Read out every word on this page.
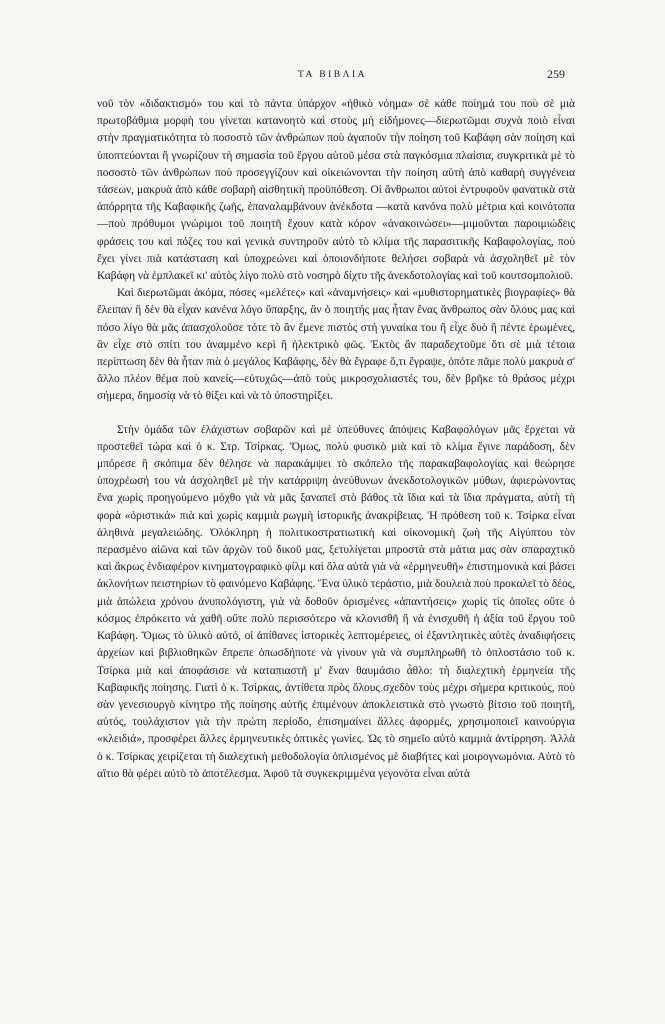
ΤΑ ΒΙΒΛΙΑ	259

νοῦ τὸν «διδακτισμό» του καὶ τὸ πάντα ὑπάρχον «ἠθικὸ νόημα» σὲ κάθε ποίημά του ποὺ σὲ μιὰ πρωτοβάθμια μορφὴ του γίνεται κατανοητὸ καὶ στοὺς μὴ εἰδήμονες—διερωτῶμαι συχνὰ ποιὸ εἶναι στὴν πραγματικότητα τὸ ποσοστὸ τῶν ἀνθρώπων ποὺ ἀγαποῦν τὴν ποίηση τοῦ Καβάφη σὰν ποίηση καὶ ὑποπτεύονται ἢ γνωρίζουν τὴ σημασία τοῦ ἔργου αὐτοῦ μέσα στὰ παγκόσμια πλαίσια, συγκριτικὰ μὲ τὸ ποσοστὸ τῶν ἀνθρώπων ποὺ προσεγγίζουν καὶ οἰκειώνονται τὴν ποίηση αὐτὴ ἀπὸ καθαρὴ συγγένεια τάσεων, μακρυὰ ἀπὸ κάθε σοβαρὴ αἰσθητικὴ προϋπόθεση. Οἱ ἄνθρωποι αὐτοὶ ἐντρυφοῦν φανατικὰ στὰ ἀπόρρητα τῆς Καβαφικῆς ζωῆς, ἐπαναλαμβάνουν ἀνέκδοτα —κατὰ κανόνα πολὺ μέτρια καὶ κοινότοπα—ποὺ πρόθυμοι γνώριμοι τοῦ ποιητῆ ἔχουν κατὰ κόρον «ἀνακοινώσει»—μιμοῦνται παροιμιώδεις φράσεις του καὶ πόζες του καὶ γενικὰ συντηροῦν αὐτὸ τὸ κλίμα τῆς παρασιτικῆς Καβαφολογίας, ποὺ ἔχει γίνει πιὰ κατάσταση καὶ ὑποχρεώνει καὶ ὁποιονδήποτε θελήσει σοβαρὰ νὰ ἀσχοληθεῖ μὲ τὸν Καβάφη νὰ ἐμπλακεῖ κι' αὐτὸς λίγο πολὺ στὸ νοσηρὸ δίχτυ τῆς ἀνεκδοτολογίας καὶ τοῦ κουτσομπολιοῦ.

Καὶ διερωτῶμαι ἀκόμα, πόσες «μελέτες» καὶ «ἀναμνήσεις» καὶ «μυθιστορηματικὲς βιογραφίες» θὰ ἔλειπαν ἢ δὲν θὰ εἶχαν κανένα λόγο ὕπαρξης, ἂν ὁ ποιητής μας ἦταν ἕνας ἄνθρωπος σὰν ὅλους μας καὶ πόσο λίγο θὰ μᾶς ἀπασχολοῦσε τότε τὸ ἂν ἔμενε πιστὸς στὴ γυναίκα του ἢ εἶχε δυὸ ἢ πέντε ἐρωμένες, ἂν εἶχε στὸ σπίτι του ἀναμμένο κερὶ ἢ ἠλεκτρικὸ φῶς. Ἐκτὸς ἂν παραδεχτοῦμε ὅτι σὲ μιὰ τέτοια περίπτωση δὲν θὰ ἦταν πιὰ ὁ μεγάλος Καβάφης, δὲν θὰ ἔγραφε ὅ,τι ἔγραψε, ὁπότε πᾶμε πολὺ μακρυὰ σ' ἄλλο πλέον θέμα ποὺ κανείς—εὐτυχῶς—ἀπὸ τοὺς μικροσχολιαστές του, δὲν βρῆκε τὸ θράσος μέχρι σήμερα, δημοσίᾳ νὰ τὸ θίξει καὶ νὰ τὸ ὑποστηρίξει.

Στὴν ὁμάδα τῶν ἐλάχιστων σοβαρῶν καὶ μὲ ὑπεύθυνες ἀπόψεις Καβαφολόγων μᾶς ἔρχεται νὰ προστεθεῖ τώρα καὶ ὁ κ. Στρ. Τσίρκας. Ὅμως, πολὺ φυσικὸ μιὰ καὶ τὸ κλίμα ἔγινε παράδοση, δὲν μπόρεσε ἢ σκόπιμα δὲν θέλησε νὰ παρακάμψει τὸ σκόπελο τῆς παρακαβαφολογίας καὶ θεώρησε ὑποχρέωσή του νὰ ἀσχοληθεῖ μὲ τὴν κατάρριψη ἀνεύθυνων ἀνεκδοτολογικῶν μύθων, ἀφιερώνοντας ἕνα χωρὶς προηγούμενο μόχθο γιὰ νὰ μᾶς ξαναπεῖ στὸ βάθος τὰ ἴδια καὶ τὰ ἴδια πράγματα, αὐτὴ τὴ φορὰ «ὁριστικά» πιὰ καὶ χωρὶς καμμιὰ ρωγμὴ ἱστορικῆς ἀνακρίβειας. Ἡ πρόθεση τοῦ κ. Τσίρκα εἶναι ἀληθινὰ μεγαλειώδης. Ὁλόκληρη ἡ πολιτικοστρατιωτικὴ καὶ οἰκονομικὴ ζωὴ τῆς Αἰγύπτου τὸν περασμένο αἰῶνα καὶ τῶν ἀρχῶν τοῦ δικοῦ μας, ξετυλίγεται μπροστὰ στὰ μάτια μας σὰν σπαραχτικὸ καὶ ἄκρως ἐνδιαφέρον κινηματογραφικὸ φίλμ καὶ ὅλα αὐτὰ γιὰ νὰ «ἑρμηνευθῆ» ἐπιστημονικὰ καὶ βάσει ἀκλονήτων πειστηρίων τὸ φαινόμενο Καβάφης. Ἕνα ὑλικὸ τεράστιο, μιὰ δουλειὰ ποὺ προκαλεῖ τὸ δέος, μιὰ ἀπώλεια χρόνου ἀνυπολόγιστη, γιὰ νὰ δοθοῦν ὁρισμένες «ἀπαντήσεις» χωρὶς τὶς ὁποῖες οὔτε ὁ κόσμος ἐπρόκειτο νὰ χαθῆ οὔτε πολὺ περισσότερο νὰ κλονισθῆ ἢ νὰ ἐνισχυθῆ ἡ ἀξία τοῦ ἔργου τοῦ Καβάφη. Ὅμως τὸ ὑλικὸ αὐτό, οἱ ἀπίθανες ἱστορικὲς λεπτομέρειες, οἱ ἐξαντλητικὲς αὐτὲς ἀναδιφήσεις ἀρχείων καὶ βιβλιοθηκῶν ἔπρεπε ὁπωσδήποτε νὰ γίνουν γιὰ νὰ συμπληρωθῆ τὸ ὁπλοστάσιο τοῦ κ. Τσίρκα μιὰ καὶ ἀποφάσισε νὰ καταπιαστῆ μ' ἕναν θαυμάσιο ἆθλο: τὴ διαλεχτικὴ ἑρμηνεία τῆς Καβαφικῆς ποίησης. Γιατὶ ὁ κ. Τσίρκας, ἀντίθετα πρὸς ὅλους σχεδὸν τοὺς μέχρι σήμερα κριτικούς, ποὺ σὰν γενεσιουργὸ κίνητρο τῆς ποίησης αὐτῆς ἐπιμένουν ἀποκλειστικὰ στὸ γνωστὸ βίτσιο τοῦ ποιητῆ, αὐτός, τουλάχιστον γιὰ τὴν πρώτη περίοδο, ἐπισημαίνει ἄλλες ἀφορμές, χρησιμοποιεῖ καινούργια «κλειδιά», προσφέρει ἄλλες ἑρμηνευτικὲς ὀπτικὲς γωνίες. Ὡς τὸ σημεῖο αὐτὸ καμμιὰ ἀντίρρηση. Ἀλλὰ ὁ κ. Τσίρκας χειρίζεται τὴ διαλεχτικὴ μεθοδολογία ὁπλισμένος μὲ διαβήτες καὶ μοιρογνωμόνια. Αὐτὸ τὸ αἴτιο θὰ φέρει αὐτὸ τὸ ἀποτέλεσμα. Ἀφοῦ τὰ συγκεκριμμένα γεγονότα εἶναι αὐτὰ
